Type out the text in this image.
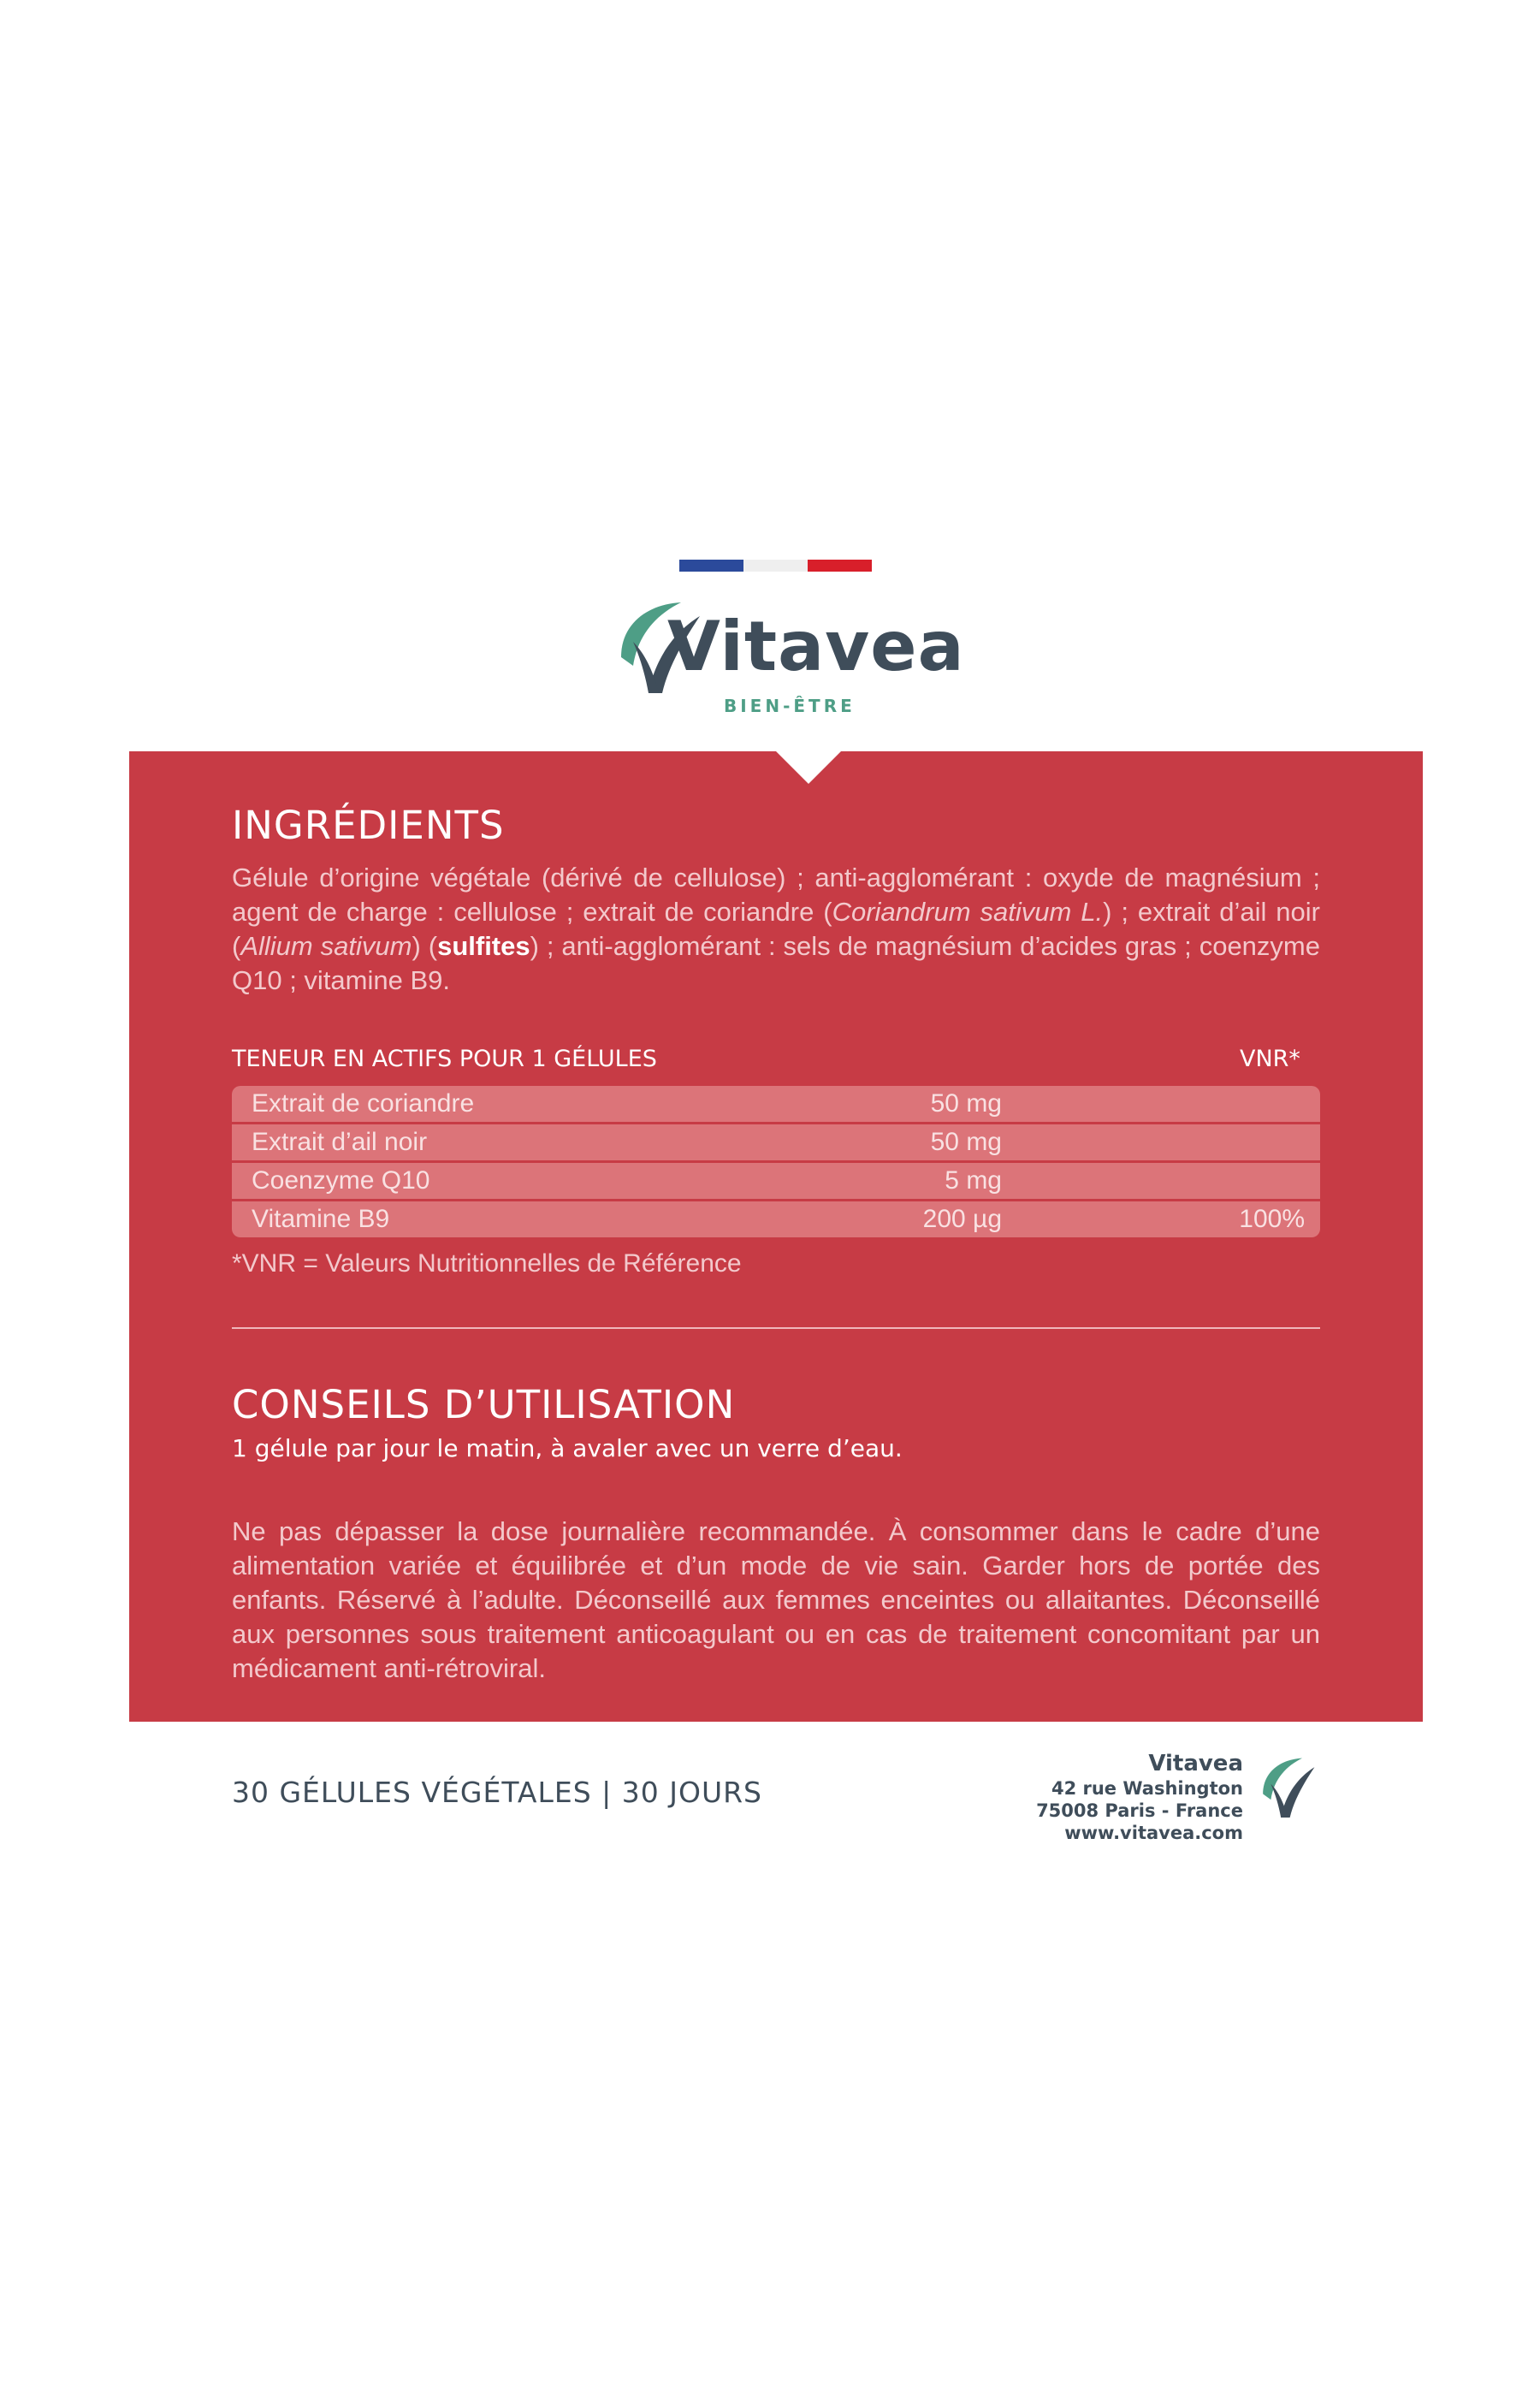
Vitavea
BIEN-ÊTRE
INGRÉDIENTS
Gélule d’origine végétale (dérivé de cellulose) ; anti-agglomérant : oxyde de magnésium ; agent de charge : cellulose ; extrait de coriandre (Coriandrum sativum L.) ; extrait d’ail noir (Allium sativum) (sulfites) ; anti-agglomérant : sels de magnésium d’acides gras ; coenzyme Q10 ; vitamine B9.
TENEUR EN ACTIFS POUR 1 GÉLULES	VNR*
Extrait de coriandre	50 mg
Extrait d’ail noir	50 mg
Coenzyme Q10	5 mg
Vitamine B9	200 µg	100%
*VNR = Valeurs Nutritionnelles de Référence
CONSEILS D’UTILISATION
1 gélule par jour le matin, à avaler avec un verre d’eau.
Ne pas dépasser la dose journalière recommandée. À consommer dans le cadre d’une alimentation variée et équilibrée et d’un mode de vie sain. Garder hors de portée des enfants. Réservé à l’adulte. Déconseillé aux femmes enceintes ou allaitantes. Déconseillé aux personnes sous traitement anticoagulant ou en cas de traitement concomitant par un médicament anti-rétroviral.
30 GÉLULES VÉGÉTALES | 30 JOURS
Vitavea
42 rue Washington
75008 Paris - France
www.vitavea.com
